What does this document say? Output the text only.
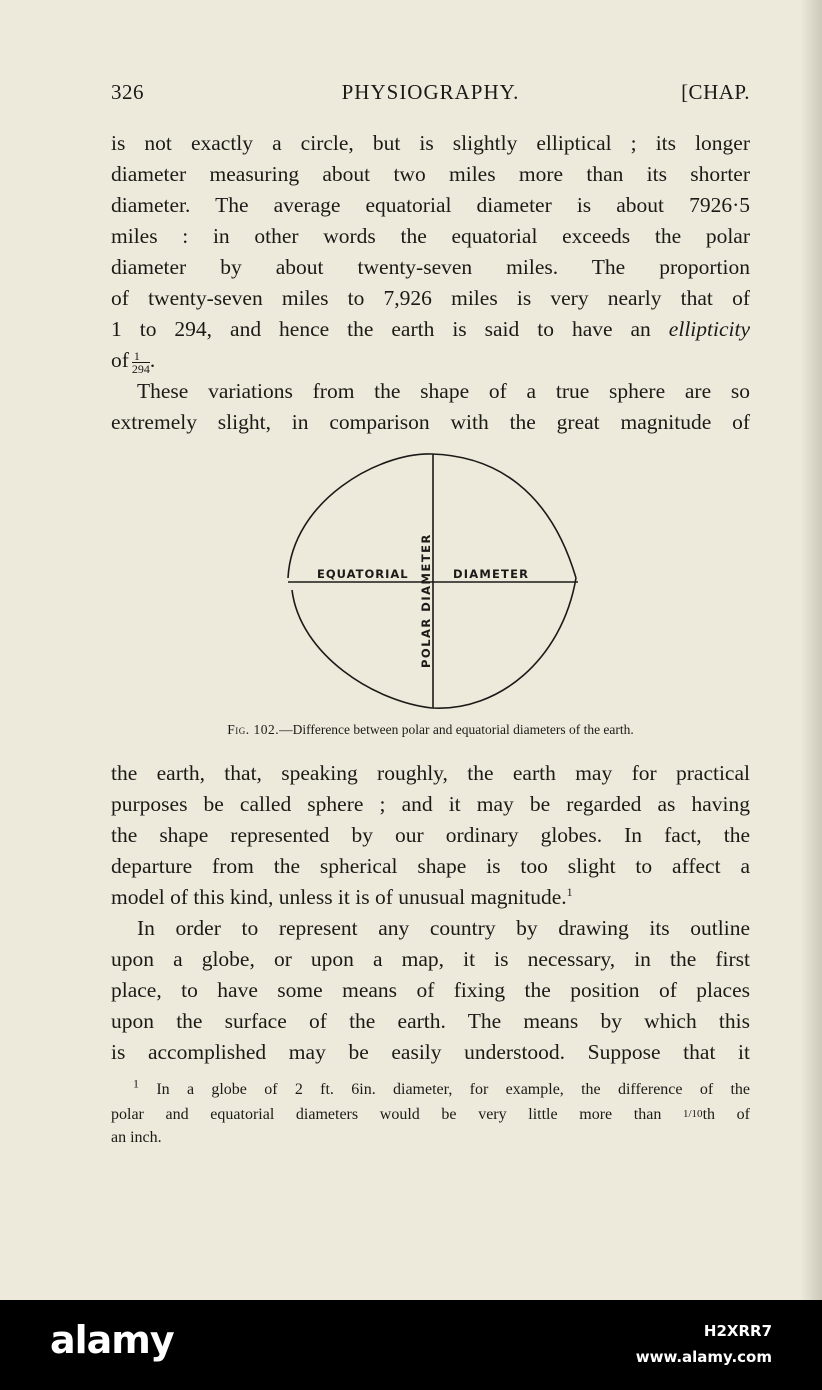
326	PHYSIOGRAPHY.	[CHAP.
is not exactly a circle, but is slightly elliptical ; its longer
diameter measuring about two miles more than its shorter
diameter. The average equatorial diameter is about 7926·5
miles : in other words the equatorial exceeds the polar
diameter by about twenty-seven miles. The proportion
of twenty-seven miles to 7,926 miles is very nearly that of
1 to 294, and hence the earth is said to have an ellipticity
of $\frac{1}{294}$ .
These variations from the shape of a true sphere are so
extremely slight, in comparison with the great magnitude of
EQUATORIAL	DIAMETER
POLAR DIAMETER
Fig. 102.—Difference between polar and equatorial diameters of the earth.
the earth, that, speaking roughly, the earth may for practical
purposes be called sphere ; and it may be regarded as having
the shape represented by our ordinary globes. In fact, the
departure from the spherical shape is too slight to affect a
model of this kind, unless it is of unusual magnitude.$^1$
In order to represent any country by drawing its outline
upon a globe, or upon a map, it is necessary, in the first
place, to have some means of fixing the position of places
upon the surface of the earth. The means by which this
is accomplished may be easily understood. Suppose that it
$^1$ In a globe of 2 ft. 6in. diameter, for example, the difference of the
polar and equatorial diameters would be very little more than 1/10th of
an inch.
alamy	H2XRR7
www.alamy.com
